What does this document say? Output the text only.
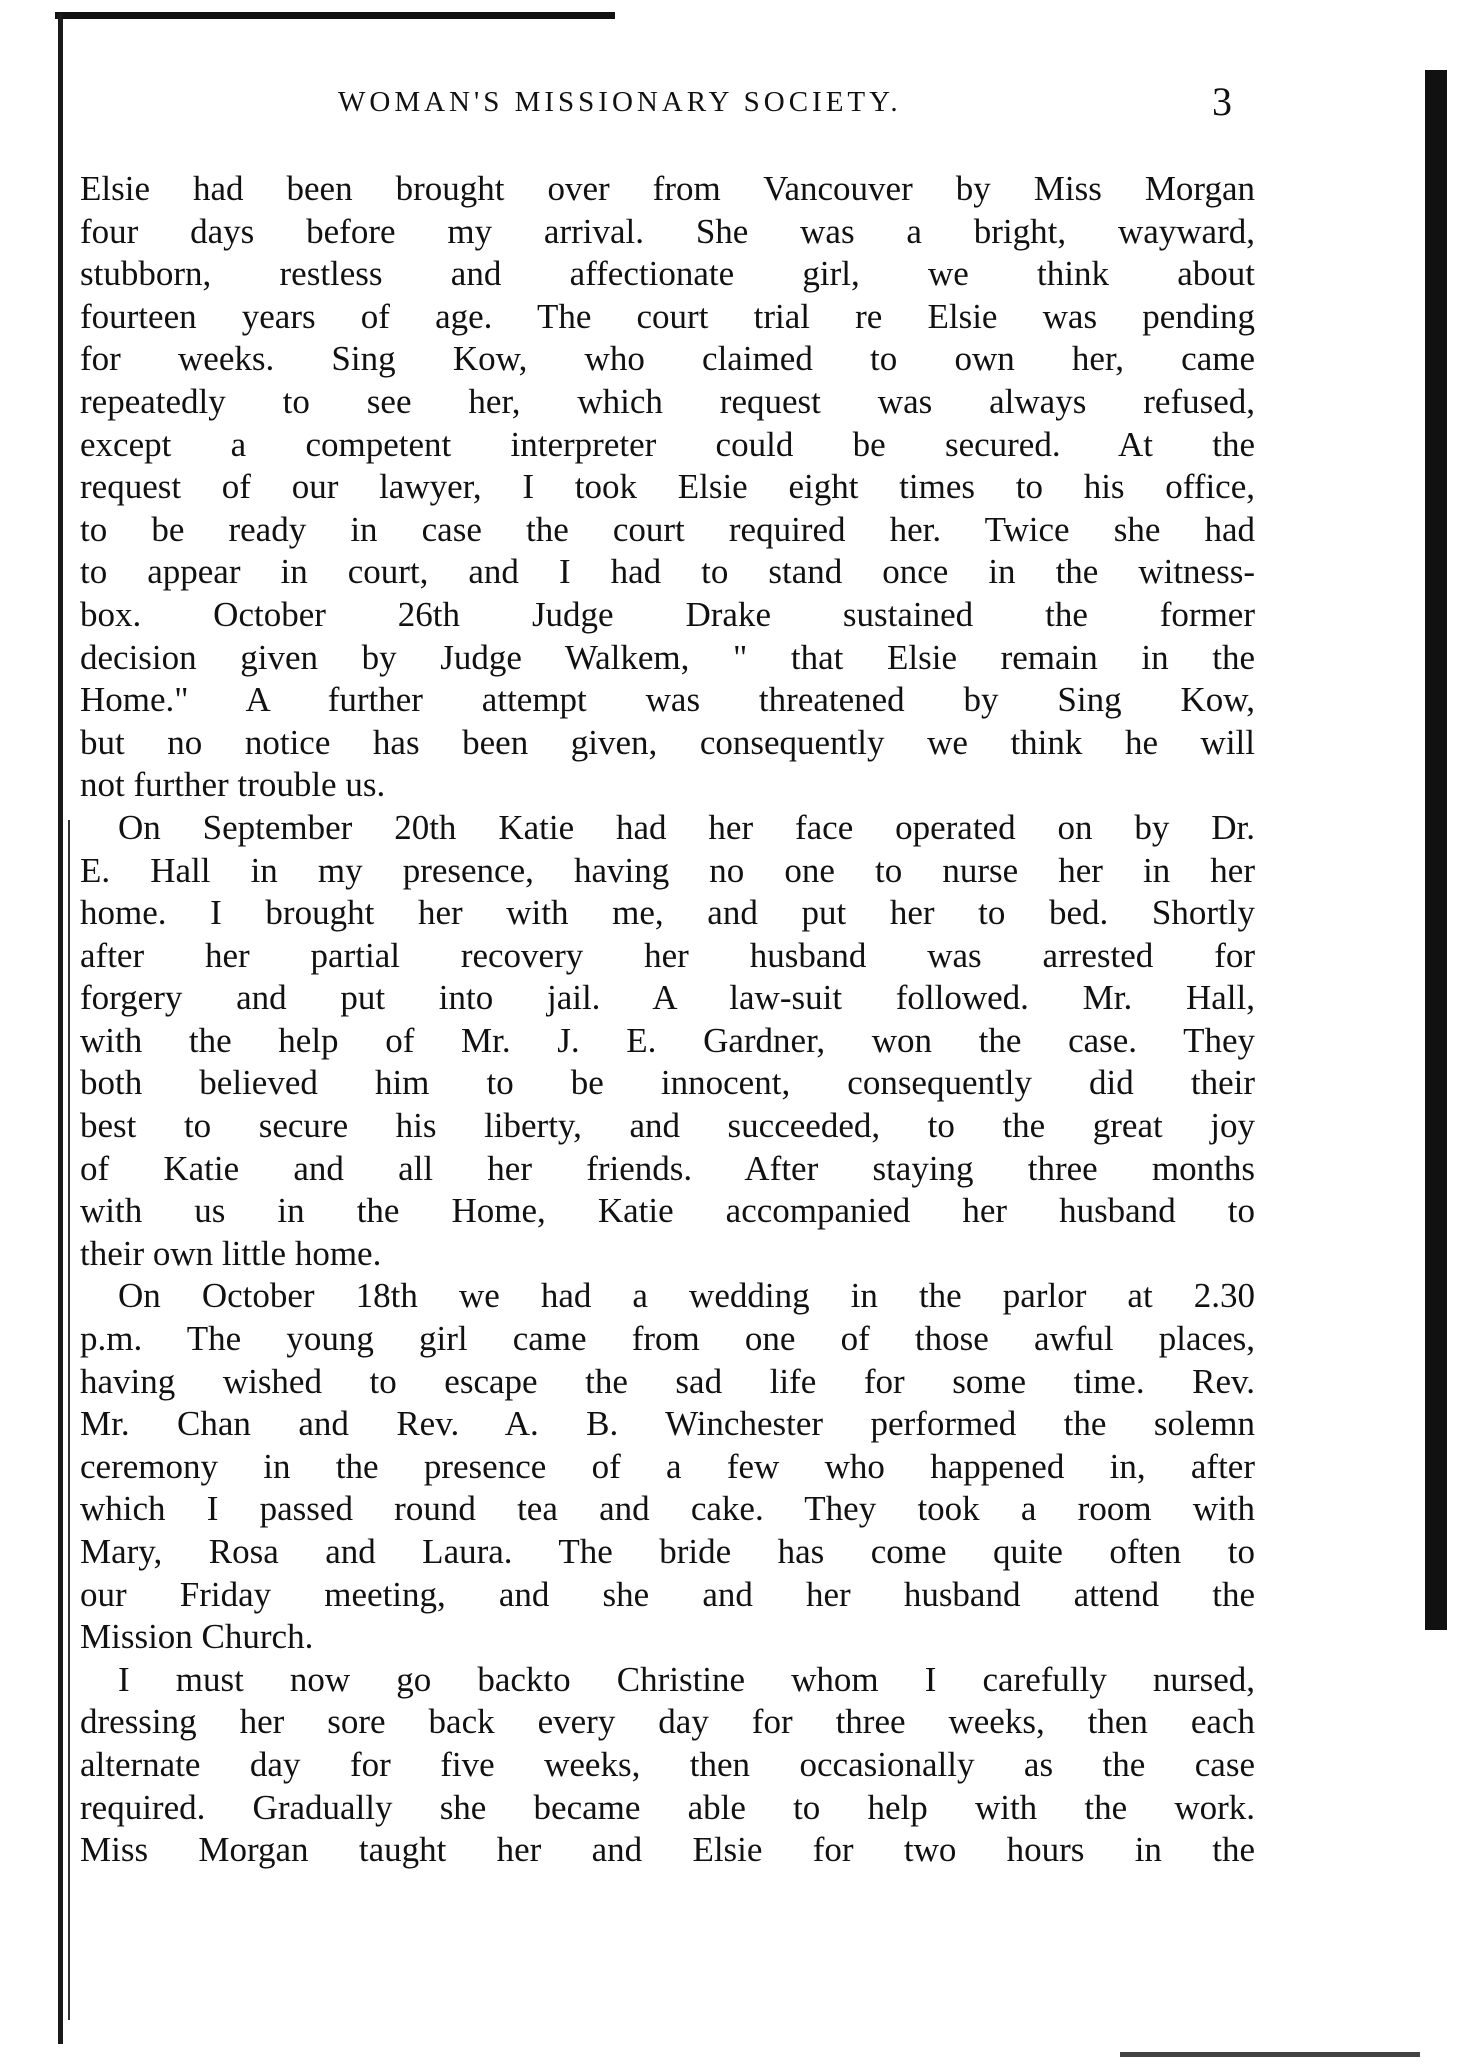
WOMAN'S MISSIONARY SOCIETY.	3
Elsie had been brought over from Vancouver by Miss Morgan
four days before my arrival. She was a bright, wayward,
stubborn, restless and affectionate girl, we think about
fourteen years of age. The court trial re Elsie was pending
for weeks. Sing Kow, who claimed to own her, came
repeatedly to see her, which request was always refused,
except a competent interpreter could be secured. At the
request of our lawyer, I took Elsie eight times to his office,
to be ready in case the court required her. Twice she had
to appear in court, and I had to stand once in the witness-
box. October 26th Judge Drake sustained the former
decision given by Judge Walkem, " that Elsie remain in the
Home." A further attempt was threatened by Sing Kow,
but no notice has been given, consequently we think he will
not further trouble us.
On September 20th Katie had her face operated on by Dr.
E. Hall in my presence, having no one to nurse her in her
home. I brought her with me, and put her to bed. Shortly
after her partial recovery her husband was arrested for
forgery and put into jail. A law-suit followed. Mr. Hall,
with the help of Mr. J. E. Gardner, won the case. They
both believed him to be innocent, consequently did their
best to secure his liberty, and succeeded, to the great joy
of Katie and all her friends. After staying three months
with us in the Home, Katie accompanied her husband to
their own little home.
On October 18th we had a wedding in the parlor at 2.30
p.m. The young girl came from one of those awful places,
having wished to escape the sad life for some time. Rev.
Mr. Chan and Rev. A. B. Winchester performed the solemn
ceremony in the presence of a few who happened in, after
which I passed round tea and cake. They took a room with
Mary, Rosa and Laura. The bride has come quite often to
our Friday meeting, and she and her husband attend the
Mission Church.
I must now go backto Christine whom I carefully nursed,
dressing her sore back every day for three weeks, then each
alternate day for five weeks, then occasionally as the case
required. Gradually she became able to help with the work.
Miss Morgan taught her and Elsie for two hours in the
